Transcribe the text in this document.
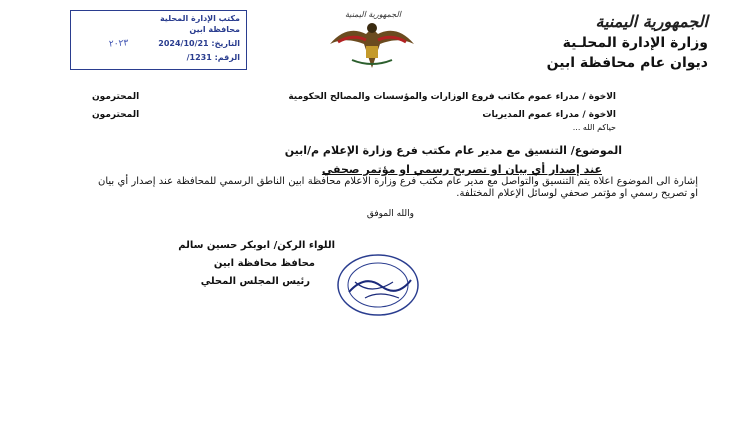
الجمهورية اليمنية
وزارة الإدارة المحلـية
ديوان عام محافظة ابين
الجمهورية اليمنية
مكتب الإدارة المحلية
محافظة ابين
التاريخ: 2024/10/21
الرقم: 1231/
٢٠٢٣
الاخوة / مدراء عموم مكاتب فروع الوزارات والمؤسسات والمصالح الحكومية
المحترمون
الاخوة / مدراء عموم المديريات
المحترمون
حياكم الله ...
الموضوع/ التنسيق مع مدير عام مكتب فرع وزارة الإعلام م/ابين
عند إصدار أي بيان او تصريح رسمي او مؤتمر صحفي
إشارة الى الموضوع اعلاه يتم التنسيق والتواصل مع مدير عام مكتب فرع وزارة الاعلام محافظة ابين الناطق الرسمي للمحافظة عند إصدار أي بيان او تصريح رسمي او مؤتمر صحفي لوسائل الإعلام المختلفة.
والله الموفق
اللواء الركن/ ابوبكر حسين سالم
محافظ محافظة ابين
رئيس المجلس المحلي
